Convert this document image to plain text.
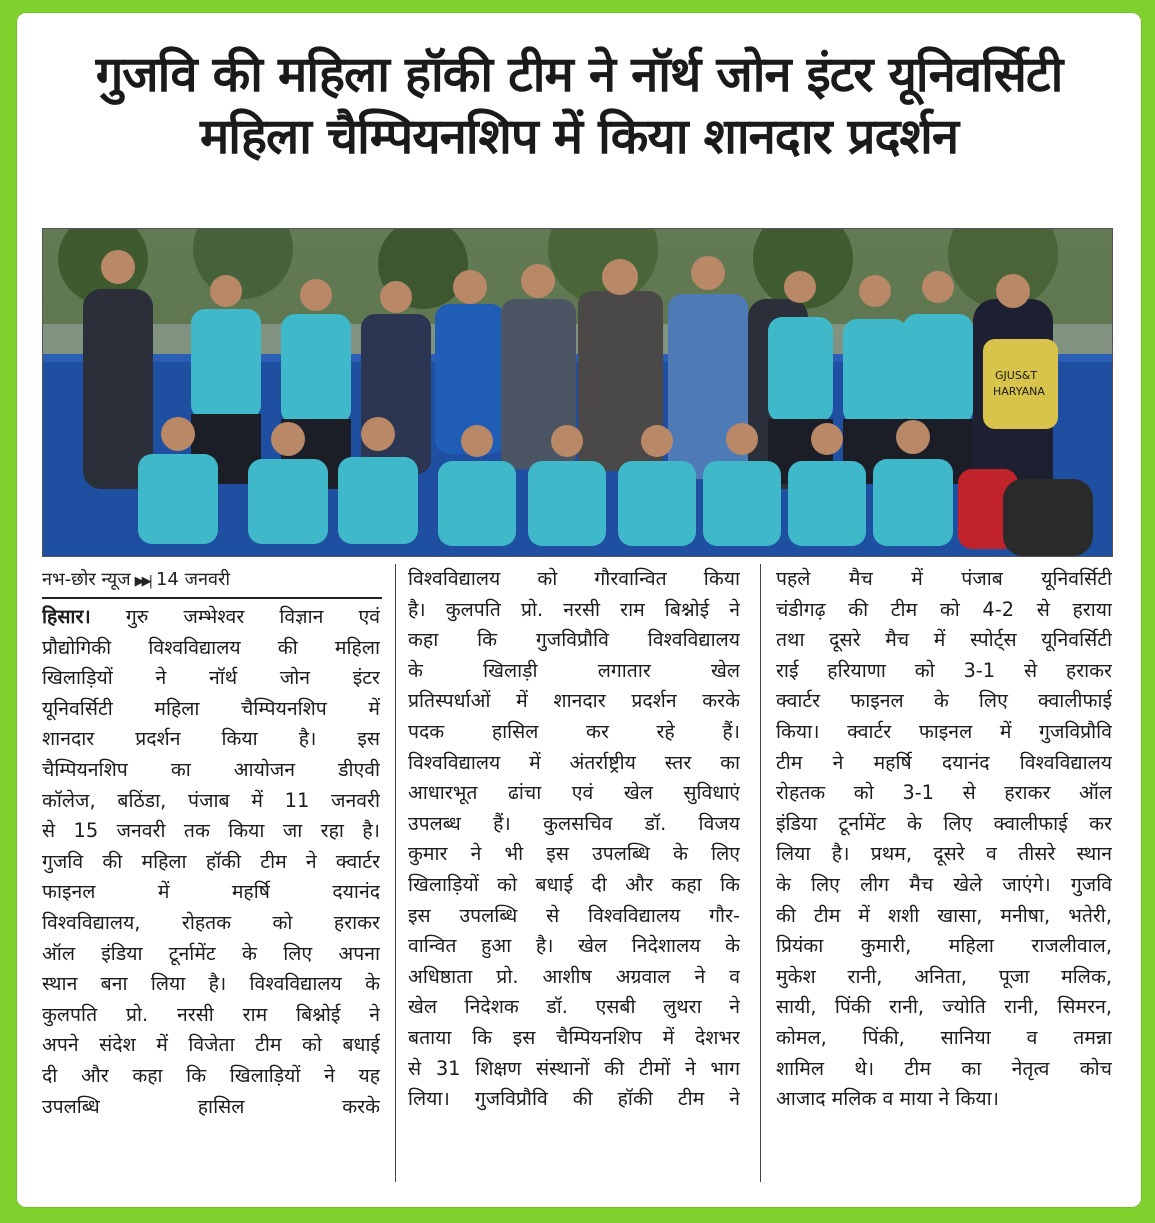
गुजवि की महिला हॉकी टीम ने नॉर्थ जोन इंटर यूनिवर्सिटी
महिला चैम्पियनशिप में किया शानदार प्रदर्शन
GJUS&T
HARYANA
नभ-छोर न्यूज ▶▶| 14 जनवरी
हिसार। गुरु जम्भेश्वर विज्ञान एवं
प्रौद्योगिकी विश्वविद्यालय की महिला
खिलाड़ियों ने नॉर्थ जोन इंटर
यूनिवर्सिटी महिला चैम्पियनशिप में
शानदार प्रदर्शन किया है। इस
चैम्पियनशिप का आयोजन डीएवी
कॉलेज, बठिंडा, पंजाब में 11 जनवरी
से 15 जनवरी तक किया जा रहा है।
गुजवि की महिला हॉकी टीम ने क्वार्टर
फाइनल में महर्षि दयानंद
विश्वविद्यालय, रोहतक को हराकर
ऑल इंडिया टूर्नामेंट के लिए अपना
स्थान बना लिया है। विश्वविद्यालय के
कुलपति प्रो. नरसी राम बिश्नोई ने
अपने संदेश में विजेता टीम को बधाई
दी और कहा कि खिलाड़ियों ने यह
उपलब्धि हासिल करके
विश्वविद्यालय को गौरवान्वित किया
है। कुलपति प्रो. नरसी राम बिश्नोई ने
कहा कि गुजविप्रौवि विश्वविद्यालय
के खिलाड़ी लगातार खेल
प्रतिस्पर्धाओं में शानदार प्रदर्शन करके
पदक हासिल कर रहे हैं।
विश्वविद्यालय में अंतर्राष्ट्रीय स्तर का
आधारभूत ढांचा एवं खेल सुविधाएं
उपलब्ध हैं। कुलसचिव डॉ. विजय
कुमार ने भी इस उपलब्धि के लिए
खिलाड़ियों को बधाई दी और कहा कि
इस उपलब्धि से विश्वविद्यालय गौर-
वान्वित हुआ है। खेल निदेशालय के
अधिष्ठाता प्रो. आशीष अग्रवाल ने व
खेल निदेशक डॉ. एसबी लुथरा ने
बताया कि इस चैम्पियनशिप में देशभर
से 31 शिक्षण संस्थानों की टीमों ने भाग
लिया। गुजविप्रौवि की हॉकी टीम ने
पहले मैच में पंजाब यूनिवर्सिटी
चंडीगढ़ की टीम को 4-2 से हराया
तथा दूसरे मैच में स्पोर्ट्स यूनिवर्सिटी
राई हरियाणा को 3-1 से हराकर
क्वार्टर फाइनल के लिए क्वालीफाई
किया। क्वार्टर फाइनल में गुजविप्रौवि
टीम ने महर्षि दयानंद विश्वविद्यालय
रोहतक को 3-1 से हराकर ऑल
इंडिया टूर्नामेंट के लिए क्वालीफाई कर
लिया है। प्रथम, दूसरे व तीसरे स्थान
के लिए लीग मैच खेले जाएंगे। गुजवि
की टीम में शशी खासा, मनीषा, भतेरी,
प्रियंका कुमारी, महिला राजलीवाल,
मुकेश रानी, अनिता, पूजा मलिक,
सायी, पिंकी रानी, ज्योति रानी, सिमरन,
कोमल, पिंकी, सानिया व तमन्ना
शामिल थे। टीम का नेतृत्व कोच
आजाद मलिक व माया ने किया।
